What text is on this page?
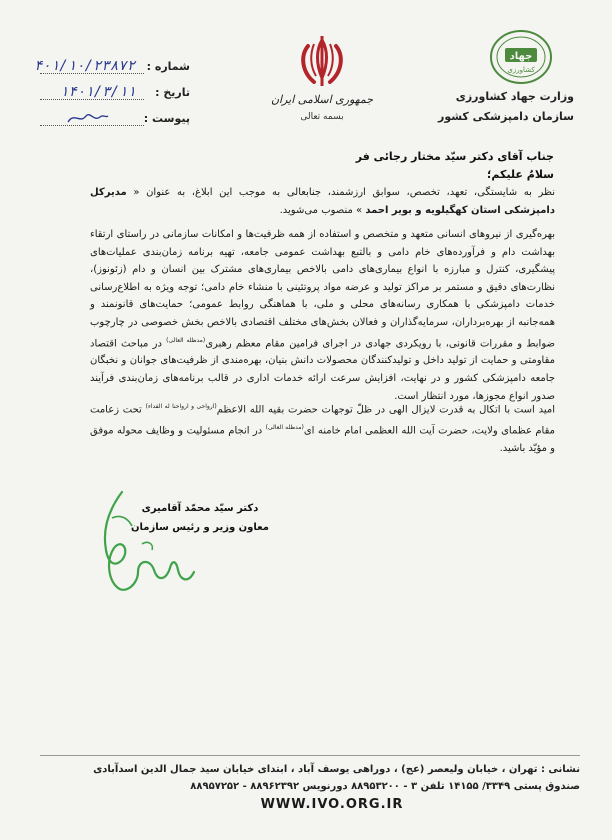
جهاد
کشاورزی
وزارت جهاد کشاورزی
سازمان دامپزشکی کشور
جمهوری اسلامی ایران
بسمه تعالی
۴۰۱/۱۰/۲۳۸۷۲ شماره :
۱۴۰۱/۳/۱۱ تاریخ :
پیوست :
جناب آقای دکتر سیّد مختار رجائی فر
سلامٌ علیکم؛
نظر به شایستگی، تعهد، تخصص، سوابق ارزشمند، جنابعالی به موجب این ابلاغ، به عنوان « مدیرکل دامپزشکی استان کهگیلویه و بویر احمد » منصوب می‌شوید.
بهره‌گیری از نیروهای انسانی متعهد و متخصص و استفاده از همه ظرفیت‌ها و امکانات سازمانی در راستای ارتقاء بهداشت دام و فرآورده‌های خام دامی و بالتبع بهداشت عمومی جامعه، تهیه برنامه زمان‌بندی عملیات‌های پیشگیری، کنترل و مبارزه با انواع بیماری‌های دامی بالاخص بیماری‌های مشترک بین انسان و دام (زئونوز)، نظارت‌های دقیق و مستمر بر مراکز تولید و عرضه مواد پروتئینی با منشاء خام دامی؛ توجه ویژه به اطلاع‌رسانی خدمات دامپزشکی با همکاری رسانه‌های محلی و ملی، با هماهنگی روابط عمومی؛ حمایت‌های قانونمند و همه‌جانبه از بهره‌برداران، سرمایه‌گذاران و فعالان بخش‌های مختلف اقتصادی بالاخص بخش خصوصی در چارچوب ضوابط و مقررات قانونی، با رویکردی جهادی در اجرای فرامین مقام معظم رهبری$^{(مدظله العالی)}$ در مباحث اقتصاد مقاومتی و حمایت از تولید داخل و تولیدکنندگان محصولات دانش بنیان، بهره‌مندی از ظرفیت‌های جوانان و نخبگان جامعه دامپزشکی کشور و در نهایت، افزایش سرعت ارائه خدمات اداری در قالب برنامه‌های زمان‌بندی فرآیند صدور انواع مجوزها، مورد انتظار است.
امید است با اتکال به قدرت لایزال الهی در ظلّ توجهات حضرت بقیه الله الاعظم$^{(ارواحی و ارواحنا له الفداء)}$ تحت زعامت مقام عظمای ولایت، حضرت آیت الله العظمی امام خامنه ای$^{(مدظله العالی)}$ در انجام مسئولیت و وظایف محوله موفق و مؤیّد باشید.
دکتر سیّد محمّد آقامیری
معاون وزیر و رئیس سازمان
نشانی : تهران ، خیابان ولیعصر (عج) ، دوراهی یوسف آباد ، ابتدای خیابان سید جمال الدین اسدآبادی
صندوق پستی ۳۳۴۹/ ۱۴۱۵۵ تلفن ۳ - ۸۸۹۵۳۲۰۰ دورنویس ۸۸۹۶۲۳۹۲ - ۸۸۹۵۷۲۵۲
WWW.IVO.ORG.IR
